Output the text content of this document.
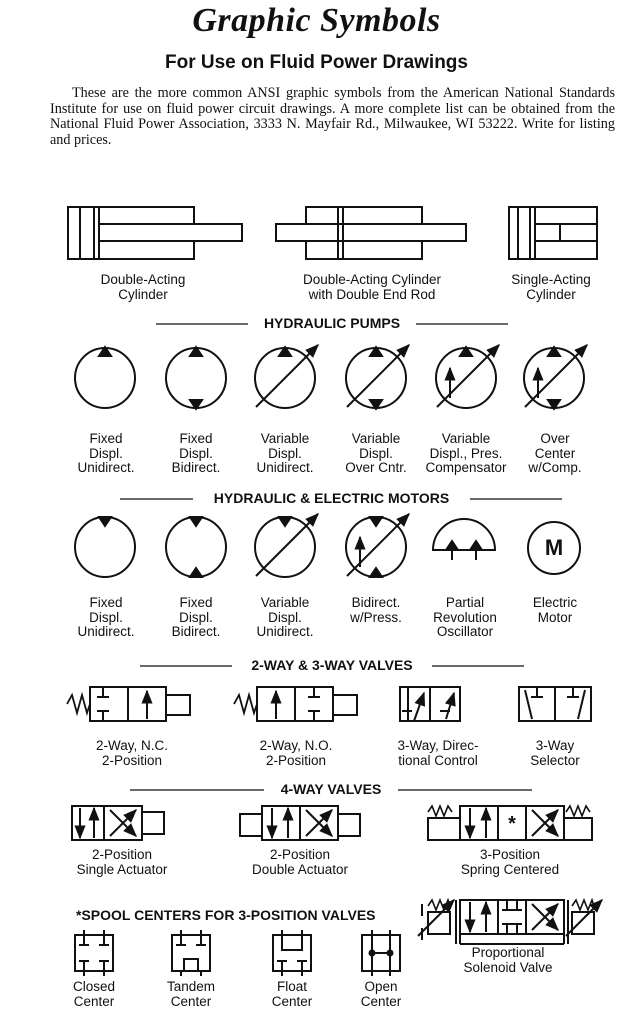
Graphic Symbols
For Use on Fluid Power Drawings
These are the more common ANSI graphic symbols from the American National Standards Institute for use on fluid power circuit drawings. A more complete list can be obtained from the National Fluid Power Association, 3333 N. Mayfair Rd., Milwaukee, WI 53222. Write for listing and prices.
Double-Acting
Cylinder
Double-Acting Cylinder
with Double End Rod
Single-Acting
Cylinder
HYDRAULIC PUMPS
Fixed
Displ.
Unidirect.
Fixed
Displ.
Bidirect.
Variable
Displ.
Unidirect.
Variable
Displ.
Over Cntr.
Variable
Displ., Pres.
Compensator
Over
Center
w/Comp.
HYDRAULIC & ELECTRIC MOTORS
Fixed
Displ.
Unidirect.
Fixed
Displ.
Bidirect.
Variable
Displ.
Unidirect.
Bidirect.
w/Press.
Partial
Revolution
Oscillator
Electric
Motor
M
2-WAY & 3-WAY VALVES
2-Way, N.C.
2-Position
2-Way, N.O.
2-Position
3-Way, Direc-
tional Control
3-Way
Selector
4-WAY VALVES
*
2-Position
Single Actuator
2-Position
Double Actuator
3-Position
Spring Centered
*SPOOL CENTERS FOR 3-POSITION VALVES
Closed
Center
Tandem
Center
Float
Center
Open
Center
Proportional
Solenoid Valve
